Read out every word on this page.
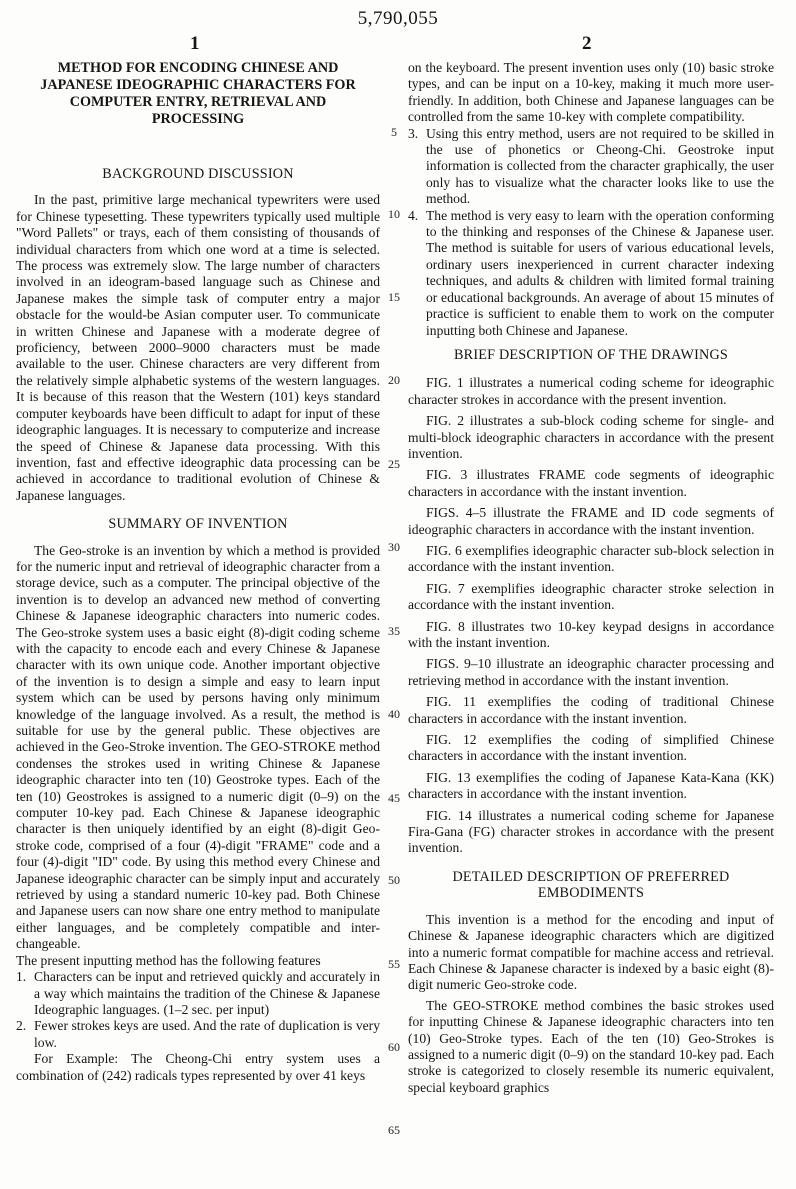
5,790,055
1	2
METHOD FOR ENCODING CHINESE AND JAPANESE IDEOGRAPHIC CHARACTERS FOR COMPUTER ENTRY, RETRIEVAL AND PROCESSING
BACKGROUND DISCUSSION

In the past, primitive large mechanical typewriters were used for Chinese typesetting. These typewriters typically used multiple "Word Pallets" or trays, each of them consisting of thousands of individual characters from which one word at a time is selected. The process was extremely slow. The large number of characters involved in an ideogram-based language such as Chinese and Japanese makes the simple task of computer entry a major obstacle for the would-be Asian computer user. To communicate in written Chinese and Japanese with a moderate degree of proficiency, between 2000–9000 characters must be made available to the user. Chinese characters are very different from the relatively simple alphabetic systems of the western languages. It is because of this reason that the Western (101) keys standard computer keyboards have been difficult to adapt for input of these ideographic languages. It is necessary to computerize and increase the speed of Chinese & Japanese data processing. With this invention, fast and effective ideographic data processing can be achieved in accordance to traditional evolution of Chinese & Japanese languages.

SUMMARY OF INVENTION

The Geo-stroke is an invention by which a method is provided for the numeric input and retrieval of ideographic character from a storage device, such as a computer. The principal objective of the invention is to develop an advanced new method of converting Chinese & Japanese ideographic characters into numeric codes. The Geo-stroke system uses a basic eight (8)-digit coding scheme with the capacity to encode each and every Chinese & Japanese character with its own unique code. Another important objective of the invention is to design a simple and easy to learn input system which can be used by persons having only minimum knowledge of the language involved. As a result, the method is suitable for use by the general public. These objectives are achieved in the Geo-Stroke invention. The GEO-STROKE method condenses the strokes used in writing Chinese & Japanese ideographic character into ten (10) Geostroke types. Each of the ten (10) Geostrokes is assigned to a numeric digit (0–9) on the computer 10-key pad. Each Chinese & Japanese ideographic character is then uniquely identified by an eight (8)-digit Geo-stroke code, comprised of a four (4)-digit "FRAME" code and a four (4)-digit "ID" code. By using this method every Chinese and Japanese ideographic character can be simply input and accurately retrieved by using a standard numeric 10-key pad. Both Chinese and Japanese users can now share one entry method to manipulate either languages, and be completely compatible and inter-changeable.

The present inputting method has the following features

1. Characters can be input and retrieved quickly and accurately in a way which maintains the tradition of the Chinese & Japanese Ideographic languages. (1–2 sec. per input)
2. Fewer strokes keys are used. And the rate of duplication is very low.

For Example: The Cheong-Chi entry system uses a combination of (242) radicals types represented by over 41 keys

5
10
15
20
25
30
35
40
45
50
55
60
65

on the keyboard. The present invention uses only (10) basic stroke types, and can be input on a 10-key, making it much more user-friendly. In addition, both Chinese and Japanese languages can be controlled from the same 10-key with complete compatibility.

3. Using this entry method, users are not required to be skilled in the use of phonetics or Cheong-Chi. Geostroke input information is collected from the character graphically, the user only has to visualize what the character looks like to use the method.
4. The method is very easy to learn with the operation conforming to the thinking and responses of the Chinese & Japanese user. The method is suitable for users of various educational levels, ordinary users inexperienced in current character indexing techniques, and adults & children with limited formal training or educational backgrounds. An average of about 15 minutes of practice is sufficient to enable them to work on the computer inputting both Chinese and Japanese.
BRIEF DESCRIPTION OF THE DRAWINGS

FIG. 1 illustrates a numerical coding scheme for ideographic character strokes in accordance with the present invention.

FIG. 2 illustrates a sub-block coding scheme for single- and multi-block ideographic characters in accordance with the present invention.

FIG. 3 illustrates FRAME code segments of ideographic characters in accordance with the instant invention.

FIGS. 4–5 illustrate the FRAME and ID code segments of ideographic characters in accordance with the instant invention.

FIG. 6 exemplifies ideographic character sub-block selection in accordance with the instant invention.

FIG. 7 exemplifies ideographic character stroke selection in accordance with the instant invention.

FIG. 8 illustrates two 10-key keypad designs in accordance with the instant invention.

FIGS. 9–10 illustrate an ideographic character processing and retrieving method in accordance with the instant invention.

FIG. 11 exemplifies the coding of traditional Chinese characters in accordance with the instant invention.

FIG. 12 exemplifies the coding of simplified Chinese characters in accordance with the instant invention.

FIG. 13 exemplifies the coding of Japanese Kata-Kana (KK) characters in accordance with the instant invention.

FIG. 14 illustrates a numerical coding scheme for Japanese Fira-Gana (FG) character strokes in accordance with the present invention.

DETAILED DESCRIPTION OF PREFERRED EMBODIMENTS

This invention is a method for the encoding and input of Chinese & Japanese ideographic characters which are digitized into a numeric format compatible for machine access and retrieval. Each Chinese & Japanese character is indexed by a basic eight (8)-digit numeric Geo-stroke code.

The GEO-STROKE method combines the basic strokes used for inputting Chinese & Japanese ideographic characters into ten (10) Geo-Stroke types. Each of the ten (10) Geo-Strokes is assigned to a numeric digit (0–9) on the standard 10-key pad. Each stroke is categorized to closely resemble its numeric equivalent, special keyboard graphics
